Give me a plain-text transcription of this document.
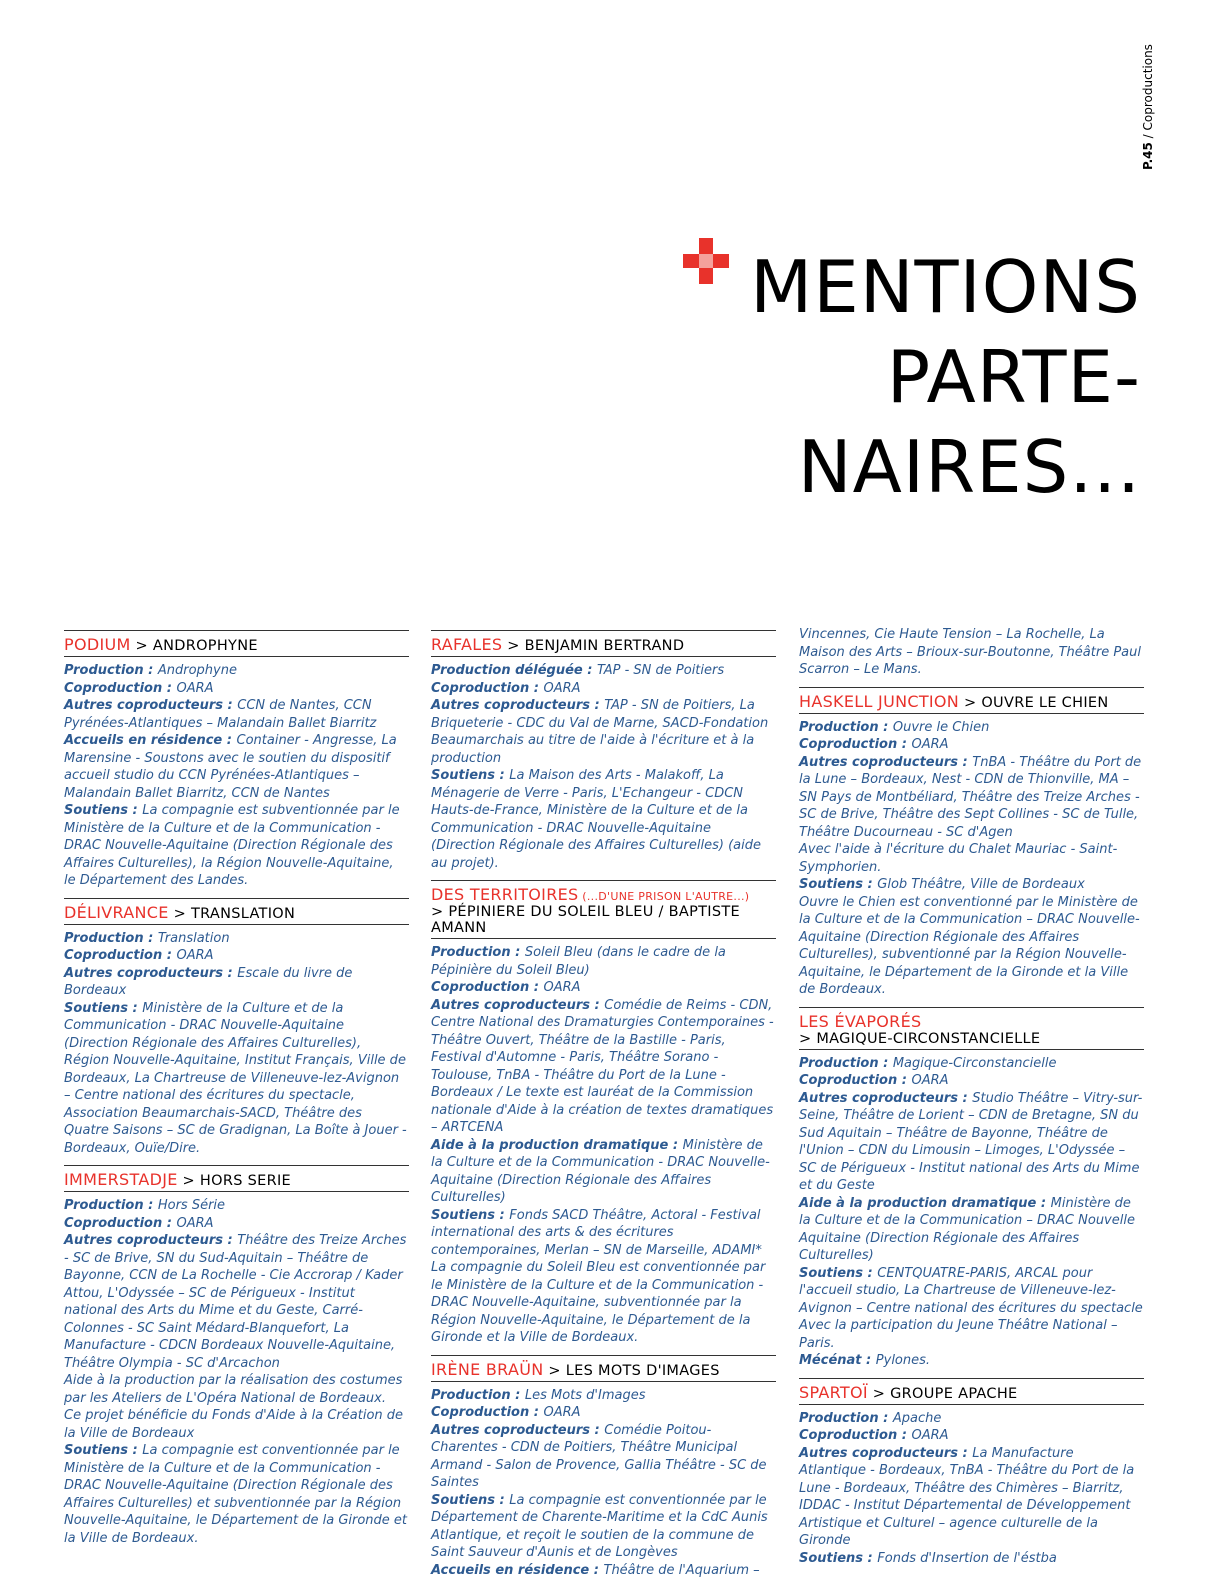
P.45 / Coproductions
MENTIONS
PARTE-
NAIRES...
PODIUM > ANDROPHYNE

Production : Androphyne

Coproduction : OARA

Autres coproducteurs : CCN de Nantes, CCN Pyrénées-Atlantiques – Malandain Ballet Biarritz

Accueils en résidence : Container - Angresse, La Marensine - Soustons avec le soutien du dispositif accueil studio du CCN Pyrénées-Atlantiques – Malandain Ballet Biarritz, CCN de Nantes

Soutiens : La compagnie est subventionnée par le Ministère de la Culture et de la Communication - DRAC Nouvelle-Aquitaine (Direction Régionale des Affaires Culturelles), la Région Nouvelle-Aquitaine, le Département des Landes.

DÉLIVRANCE > TRANSLATION

Production : Translation

Coproduction : OARA

Autres coproducteurs : Escale du livre de Bordeaux

Soutiens : Ministère de la Culture et de la Communication - DRAC Nouvelle-Aquitaine (Direction Régionale des Affaires Culturelles), Région Nouvelle-Aquitaine, Institut Français, Ville de Bordeaux, La Chartreuse de Villeneuve-lez-Avignon – Centre national des écritures du spectacle, Association Beaumarchais-SACD, Théâtre des Quatre Saisons – SC de Gradignan, La Boîte à Jouer - Bordeaux, Ouïe/Dire.

IMMERSTADJE > HORS SERIE

Production : Hors Série

Coproduction : OARA

Autres coproducteurs : Théâtre des Treize Arches - SC de Brive, SN du Sud-Aquitain – Théâtre de Bayonne, CCN de La Rochelle - Cie Accrorap / Kader Attou, L'Odyssée – SC de Périgueux - Institut national des Arts du Mime et du Geste, Carré-Colonnes - SC Saint Médard-Blanquefort, La Manufacture - CDCN Bordeaux Nouvelle-Aquitaine, Théâtre Olympia - SC d'Arcachon

Aide à la production par la réalisation des costumes par les Ateliers de L'Opéra National de Bordeaux.

Ce projet bénéficie du Fonds d'Aide à la Création de la Ville de Bordeaux

Soutiens : La compagnie est conventionnée par le Ministère de la Culture et de la Communication - DRAC Nouvelle-Aquitaine (Direction Régionale des Affaires Culturelles) et subventionnée par la Région Nouvelle-Aquitaine, le Département de la Gironde et la Ville de Bordeaux.

RAFALES > BENJAMIN BERTRAND

Production déléguée : TAP - SN de Poitiers

Coproduction : OARA

Autres coproducteurs : TAP - SN de Poitiers, La Briqueterie - CDC du Val de Marne, SACD-Fondation Beaumarchais au titre de l'aide à l'écriture et à la production

Soutiens : La Maison des Arts - Malakoff, La Ménagerie de Verre - Paris, L'Echangeur - CDCN Hauts-de-France, Ministère de la Culture et de la Communication - DRAC Nouvelle-Aquitaine (Direction Régionale des Affaires Culturelles) (aide au projet).

DES TERRITOIRES (...D'UNE PRISON L'AUTRE...)
> PÉPINIERE DU SOLEIL BLEU / BAPTISTE AMANN

Production : Soleil Bleu (dans le cadre de la Pépinière du Soleil Bleu)

Coproduction : OARA

Autres coproducteurs : Comédie de Reims - CDN, Centre National des Dramaturgies Contemporaines - Théâtre Ouvert, Théâtre de la Bastille - Paris, Festival d'Automne - Paris, Théâtre Sorano - Toulouse, TnBA - Théâtre du Port de la Lune - Bordeaux / Le texte est lauréat de la Commission nationale d'Aide à la création de textes dramatiques – ARTCENA

Aide à la production dramatique : Ministère de la Culture et de la Communication - DRAC Nouvelle-Aquitaine (Direction Régionale des Affaires Culturelles)

Soutiens : Fonds SACD Théâtre, Actoral - Festival international des arts & des écritures contemporaines, Merlan – SN de Marseille, ADAMI*

La compagnie du Soleil Bleu est conventionnée par le Ministère de la Culture et de la Communication - DRAC Nouvelle-Aquitaine, subventionnée par la Région Nouvelle-Aquitaine, le Département de la Gironde et la Ville de Bordeaux.

IRÈNE BRAÜN > LES MOTS D'IMAGES

Production : Les Mots d'Images

Coproduction : OARA

Autres coproducteurs : Comédie Poitou-Charentes - CDN de Poitiers, Théâtre Municipal Armand - Salon de Provence, Gallia Théâtre - SC de Saintes

Soutiens : La compagnie est conventionnée par le Département de Charente-Maritime et la CdC Aunis Atlantique, et reçoit le soutien de la commune de Saint Sauveur d'Aunis et de Longèves

Accueils en résidence : Théâtre de l'Aquarium –

Vincennes, Cie Haute Tension – La Rochelle, La Maison des Arts – Brioux-sur-Boutonne, Théâtre Paul Scarron – Le Mans.

HASKELL JUNCTION > OUVRE LE CHIEN

Production : Ouvre le Chien

Coproduction : OARA

Autres coproducteurs : TnBA - Théâtre du Port de la Lune – Bordeaux, Nest - CDN de Thionville, MA – SN Pays de Montbéliard, Théâtre des Treize Arches - SC de Brive, Théâtre des Sept Collines - SC de Tulle, Théâtre Ducourneau - SC d'Agen

Avec l'aide à l'écriture du Chalet Mauriac - Saint-Symphorien.

Soutiens : Glob Théâtre, Ville de Bordeaux

Ouvre le Chien est conventionné par le Ministère de la Culture et de la Communication – DRAC Nouvelle-Aquitaine (Direction Régionale des Affaires Culturelles), subventionné par la Région Nouvelle-Aquitaine, le Département de la Gironde et la Ville de Bordeaux.

LES ÉVAPORÉS
> MAGIQUE-CIRCONSTANCIELLE

Production : Magique-Circonstancielle

Coproduction : OARA

Autres coproducteurs : Studio Théâtre – Vitry-sur-Seine, Théâtre de Lorient – CDN de Bretagne, SN du Sud Aquitain – Théâtre de Bayonne, Théâtre de l'Union – CDN du Limousin – Limoges, L'Odyssée – SC de Périgueux - Institut national des Arts du Mime et du Geste

Aide à la production dramatique : Ministère de la Culture et de la Communication – DRAC Nouvelle Aquitaine (Direction Régionale des Affaires Culturelles)

Soutiens : CENTQUATRE-PARIS, ARCAL pour l'accueil studio, La Chartreuse de Villeneuve-lez-Avignon – Centre national des écritures du spectacle

Avec la participation du Jeune Théâtre National – Paris.

Mécénat : Pylones.

SPARTOÏ > GROUPE APACHE

Production : Apache

Coproduction : OARA

Autres coproducteurs : La Manufacture Atlantique - Bordeaux, TnBA - Théâtre du Port de la Lune - Bordeaux, Théâtre des Chimères – Biarritz, IDDAC - Institut Départemental de Développement Artistique et Culturel – agence culturelle de la Gironde

Soutiens : Fonds d'Insertion de l'éstba
